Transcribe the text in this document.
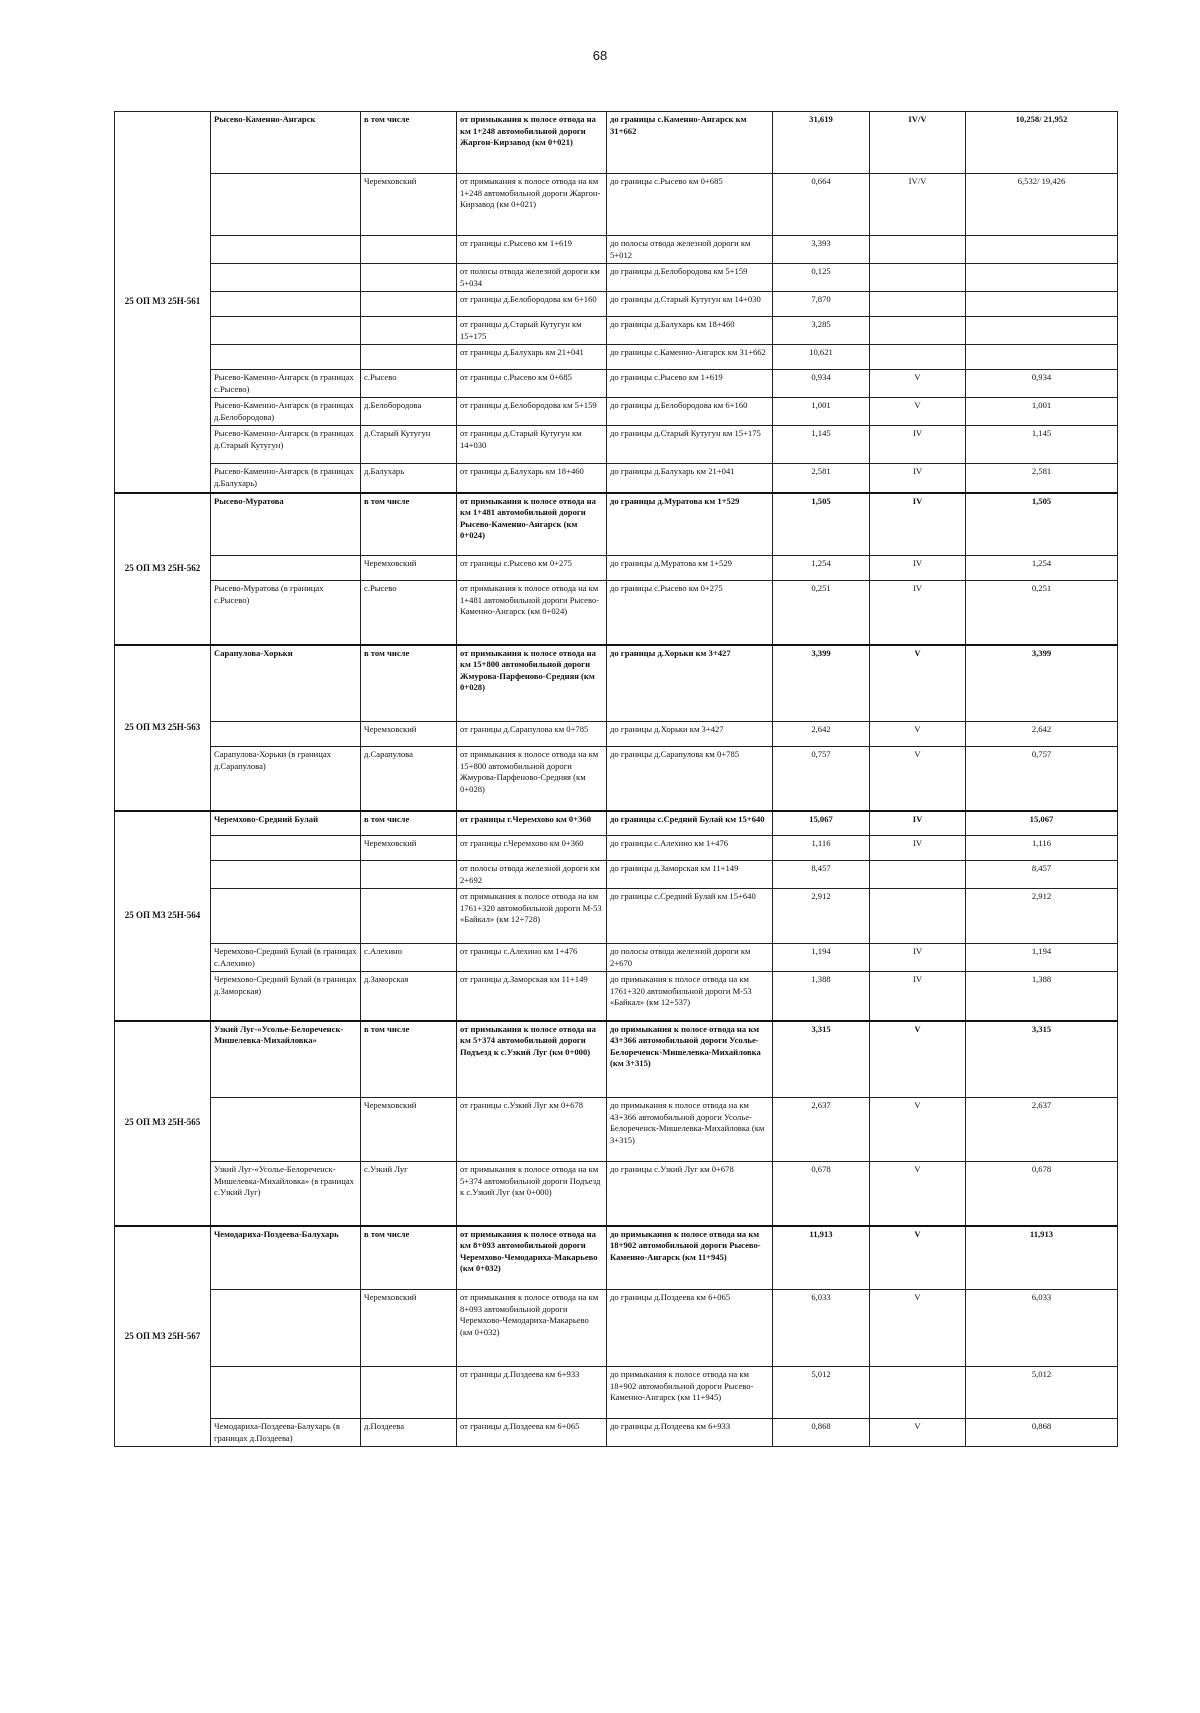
68
25 ОП МЗ 25Н-561	Рысево-Каменно-Ангарск	в том числе	от примыкания к полосе отвода на км 1+248 автомобильной дороги Жаргон-Кирзавод (км 0+021)	до границы с.Каменно-Ангарск км 31+662	31,619	IV/V	10,258/ 21,952
		Черемховский	от примыкания к полосе отвода на км 1+248 автомобильной дороги Жаргон-Кирзавод (км 0+021)	до границы с.Рысево км 0+685	0,664	IV/V	6,532/ 19,426
			от границы с.Рысево км 1+619	до полосы отвода железной дороги км 5+012	3,393		
			от полосы отвода железной дороги км 5+034	до границы д.Белобородова км 5+159	0,125		
			от границы д.Белобородова км 6+160	до границы д.Старый Кутугун км 14+030	7,870		
			от границы д.Старый Кутугун км 15+175	до границы д.Балухарь км 18+460	3,285		
			от границы д.Балухарь км 21+041	до границы с.Каменно-Ангарск км 31+662	10,621		
	Рысево-Каменно-Ангарск (в границах с.Рысево)	с.Рысево	от границы с.Рысево км 0+685	до границы с.Рысево км 1+619	0,934	V	0,934
	Рысево-Каменно-Ангарск (в границах д.Белобородова)	д.Белобородова	от границы д.Белобородова км 5+159	до границы д.Белобородова км 6+160	1,001	V	1,001
	Рысево-Каменно-Ангарск (в границах д.Старый Кутугун)	д.Старый Кутугун	от границы д.Старый Кутугун км 14+030	до границы д.Старый Кутугун км 15+175	1,145	IV	1,145
	Рысево-Каменно-Ангарск (в границах д.Балухарь)	д.Балухарь	от границы д.Балухарь км 18+460	до границы д.Балухарь км 21+041	2,581	IV	2,581
25 ОП МЗ 25Н-562	Рысево-Муратова	в том числе	от примыкания к полосе отвода на км 1+481 автомобильной дороги Рысево-Каменно-Ангарск (км 0+024)	до границы д.Муратова км 1+529	1,505	IV	1,505
		Черемховский	от границы с.Рысево км 0+275	до границы д.Муратова км 1+529	1,254	IV	1,254
	Рысево-Муратова (в границах с.Рысево)	с.Рысево	от примыкания к полосе отвода на км 1+481 автомобильной дороги Рысево-Каменно-Ангарск (км 0+024)	до границы с.Рысево км 0+275	0,251	IV	0,251
25 ОП МЗ 25Н-563	Сарапулова-Хорьки	в том числе	от примыкания к полосе отвода на км 15+800 автомобильной дороги Жмурова-Парфеново-Средняя (км 0+028)	до границы д.Хорьки км 3+427	3,399	V	3,399
		Черемховский	от границы д.Сарапулова км 0+785	до границы д.Хорьки км 3+427	2,642	V	2,642
	Сарапулова-Хорьки (в границах д.Сарапулова)	д.Сарапулова	от примыкания к полосе отвода на км 15+800 автомобильной дороги Жмурова-Парфеново-Средняя (км 0+028)	до границы д.Сарапулова км 0+785	0,757	V	0,757
25 ОП МЗ 25Н-564	Черемхово-Средний Булай	в том числе	от границы г.Черемхово км 0+360	до границы с.Средний Булай км 15+640	15,067	IV	15,067
		Черемховский	от границы г.Черемхово км 0+360	до границы с.Алехино км 1+476	1,116	IV	1,116
			от полосы отвода железной дороги км 2+692	до границы д.Заморская км 11+149	8,457		8,457
			от примыкания к полосе отвода на км 1761+320 автомобильной дороги М-53 «Байкал» (км 12+728)	до границы с.Средний Булай км 15+640	2,912		2,912
	Черемхово-Средний Булай (в границах с.Алехино)	с.Алехино	от границы с.Алехино км 1+476	до полосы отвода железной дороги км 2+670	1,194	IV	1,194
	Черемхово-Средний Булай (в границах д.Заморская)	д.Заморская	от границы д.Заморская км 11+149	до примыкания к полосе отвода на км 1761+320 автомобильной дороги М-53 «Байкал» (км 12+537)	1,388	IV	1,388
25 ОП МЗ 25Н-565	Узкий Луг-«Усолье-Белореченск-Мишелевка-Михайловка»	в том числе	от примыкания к полосе отвода на км 5+374 автомобильной дороги Подъезд к с.Узкий Луг (км 0+000)	до примыкания к полосе отвода на км 43+366 автомобильной дороги Усолье-Белореченск-Мишелевка-Михайловка (км 3+315)	3,315	V	3,315
		Черемховский	от границы с.Узкий Луг км 0+678	до примыкания к полосе отвода на км 43+366 автомобильной дороги Усолье-Белореченск-Мишелевка-Михайловка (км 3+315)	2,637	V	2,637
	Узкий Луг-«Усолье-Белореченск-Мишелевка-Михайловка» (в границах с.Узкий Луг)	с.Узкий Луг	от примыкания к полосе отвода на км 5+374 автомобильной дороги Подъезд к с.Узкий Луг (км 0+000)	до границы с.Узкий Луг км 0+678	0,678	V	0,678
25 ОП МЗ 25Н-567	Чемодариха-Поздеева-Балухарь	в том числе	от примыкания к полосе отвода на км 8+093 автомобильной дороги Черемхово-Чемодариха-Макарьево (км 0+032)	до примыкания к полосе отвода на км 18+902 автомобильной дороги Рысево-Каменно-Ангарск (км 11+945)	11,913	V	11,913
		Черемховский	от примыкания к полосе отвода на км 8+093 автомобильной дороги Черемхово-Чемодариха-Макарьево (км 0+032)	до границы д.Поздеева км 6+065	6,033	V	6,033
			от границы д.Поздеева км 6+933	до примыкания к полосе отвода на км 18+902 автомобильной дороги Рысево-Каменно-Ангарск (км 11+945)	5,012		5,012
	Чемодариха-Поздеева-Балухарь (в границах д.Поздеева)	д.Поздеева	от границы д.Поздеева км 6+065	до границы д.Поздеева км 6+933	0,868	V	0,868
